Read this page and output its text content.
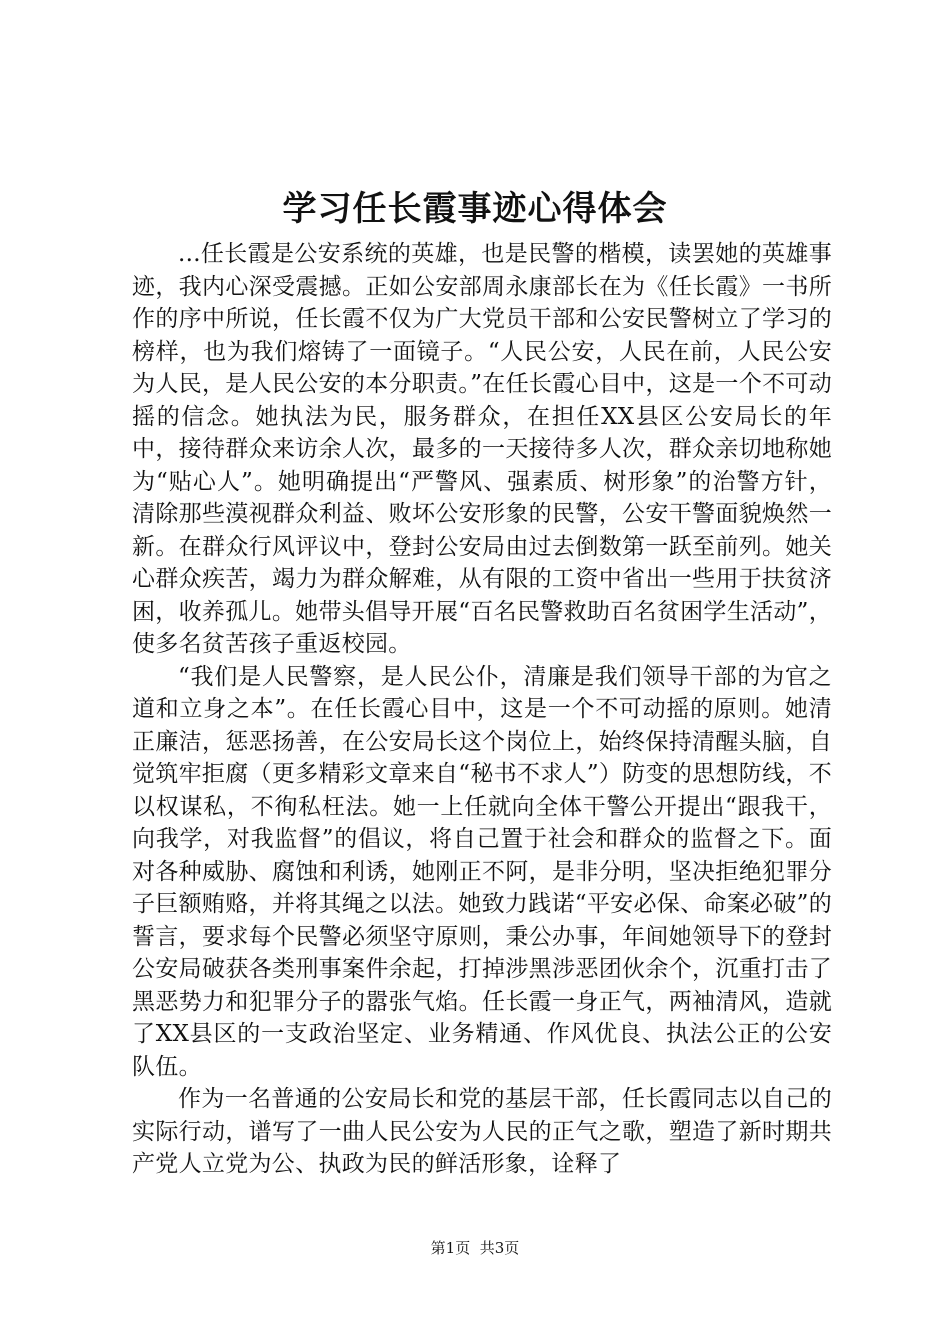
学习任长霞事迹心得体会

...任长霞是公安系统的英雄，也是民警的楷模，读罢她的英雄事迹，我内心深受震撼。正如公安部周永康部长在为《任长霞》一书所作的序中所说，任长霞不仅为广大党员干部和公安民警树立了学习的榜样，也为我们熔铸了一面镜子。“人民公安，人民在前，人民公安为人民，是人民公安的本分职责。”在任长霞心目中，这是一个不可动摇的信念。她执法为民，服务群众，在担任XX县区公安局长的年中，接待群众来访余人次，最多的一天接待多人次，群众亲切地称她为“贴心人”。她明确提出“严警风、强素质、树形象”的治警方针，清除那些漠视群众利益、败坏公安形象的民警，公安干警面貌焕然一新。在群众行风评议中，登封公安局由过去倒数第一跃至前列。她关心群众疾苦，竭力为群众解难，从有限的工资中省出一些用于扶贫济困，收养孤儿。她带头倡导开展“百名民警救助百名贫困学生活动”，使多名贫苦孩子重返校园。

“我们是人民警察，是人民公仆，清廉是我们领导干部的为官之道和立身之本”。在任长霞心目中，这是一个不可动摇的原则。她清正廉洁，惩恶扬善，在公安局长这个岗位上，始终保持清醒头脑，自觉筑牢拒腐（更多精彩文章来自“秘书不求人”）防变的思想防线，不以权谋私，不徇私枉法。她一上任就向全体干警公开提出“跟我干，向我学，对我监督”的倡议，将自己置于社会和群众的监督之下。面对各种威胁、腐蚀和利诱，她刚正不阿，是非分明，坚决拒绝犯罪分子巨额贿赂，并将其绳之以法。她致力践诺“平安必保、命案必破”的誓言，要求每个民警必须坚守原则，秉公办事，年间她领导下的登封公安局破获各类刑事案件余起，打掉涉黑涉恶团伙余个，沉重打击了黑恶势力和犯罪分子的嚣张气焰。任长霞一身正气，两袖清风，造就了XX县区的一支政治坚定、业务精通、作风优良、执法公正的公安队伍。

作为一名普通的公安局长和党的基层干部，任长霞同志以自己的实际行动，谱写了一曲人民公安为人民的正气之歌，塑造了新时期共产党人立党为公、执政为民的鲜活形象，诠释了

第1页 共3页
